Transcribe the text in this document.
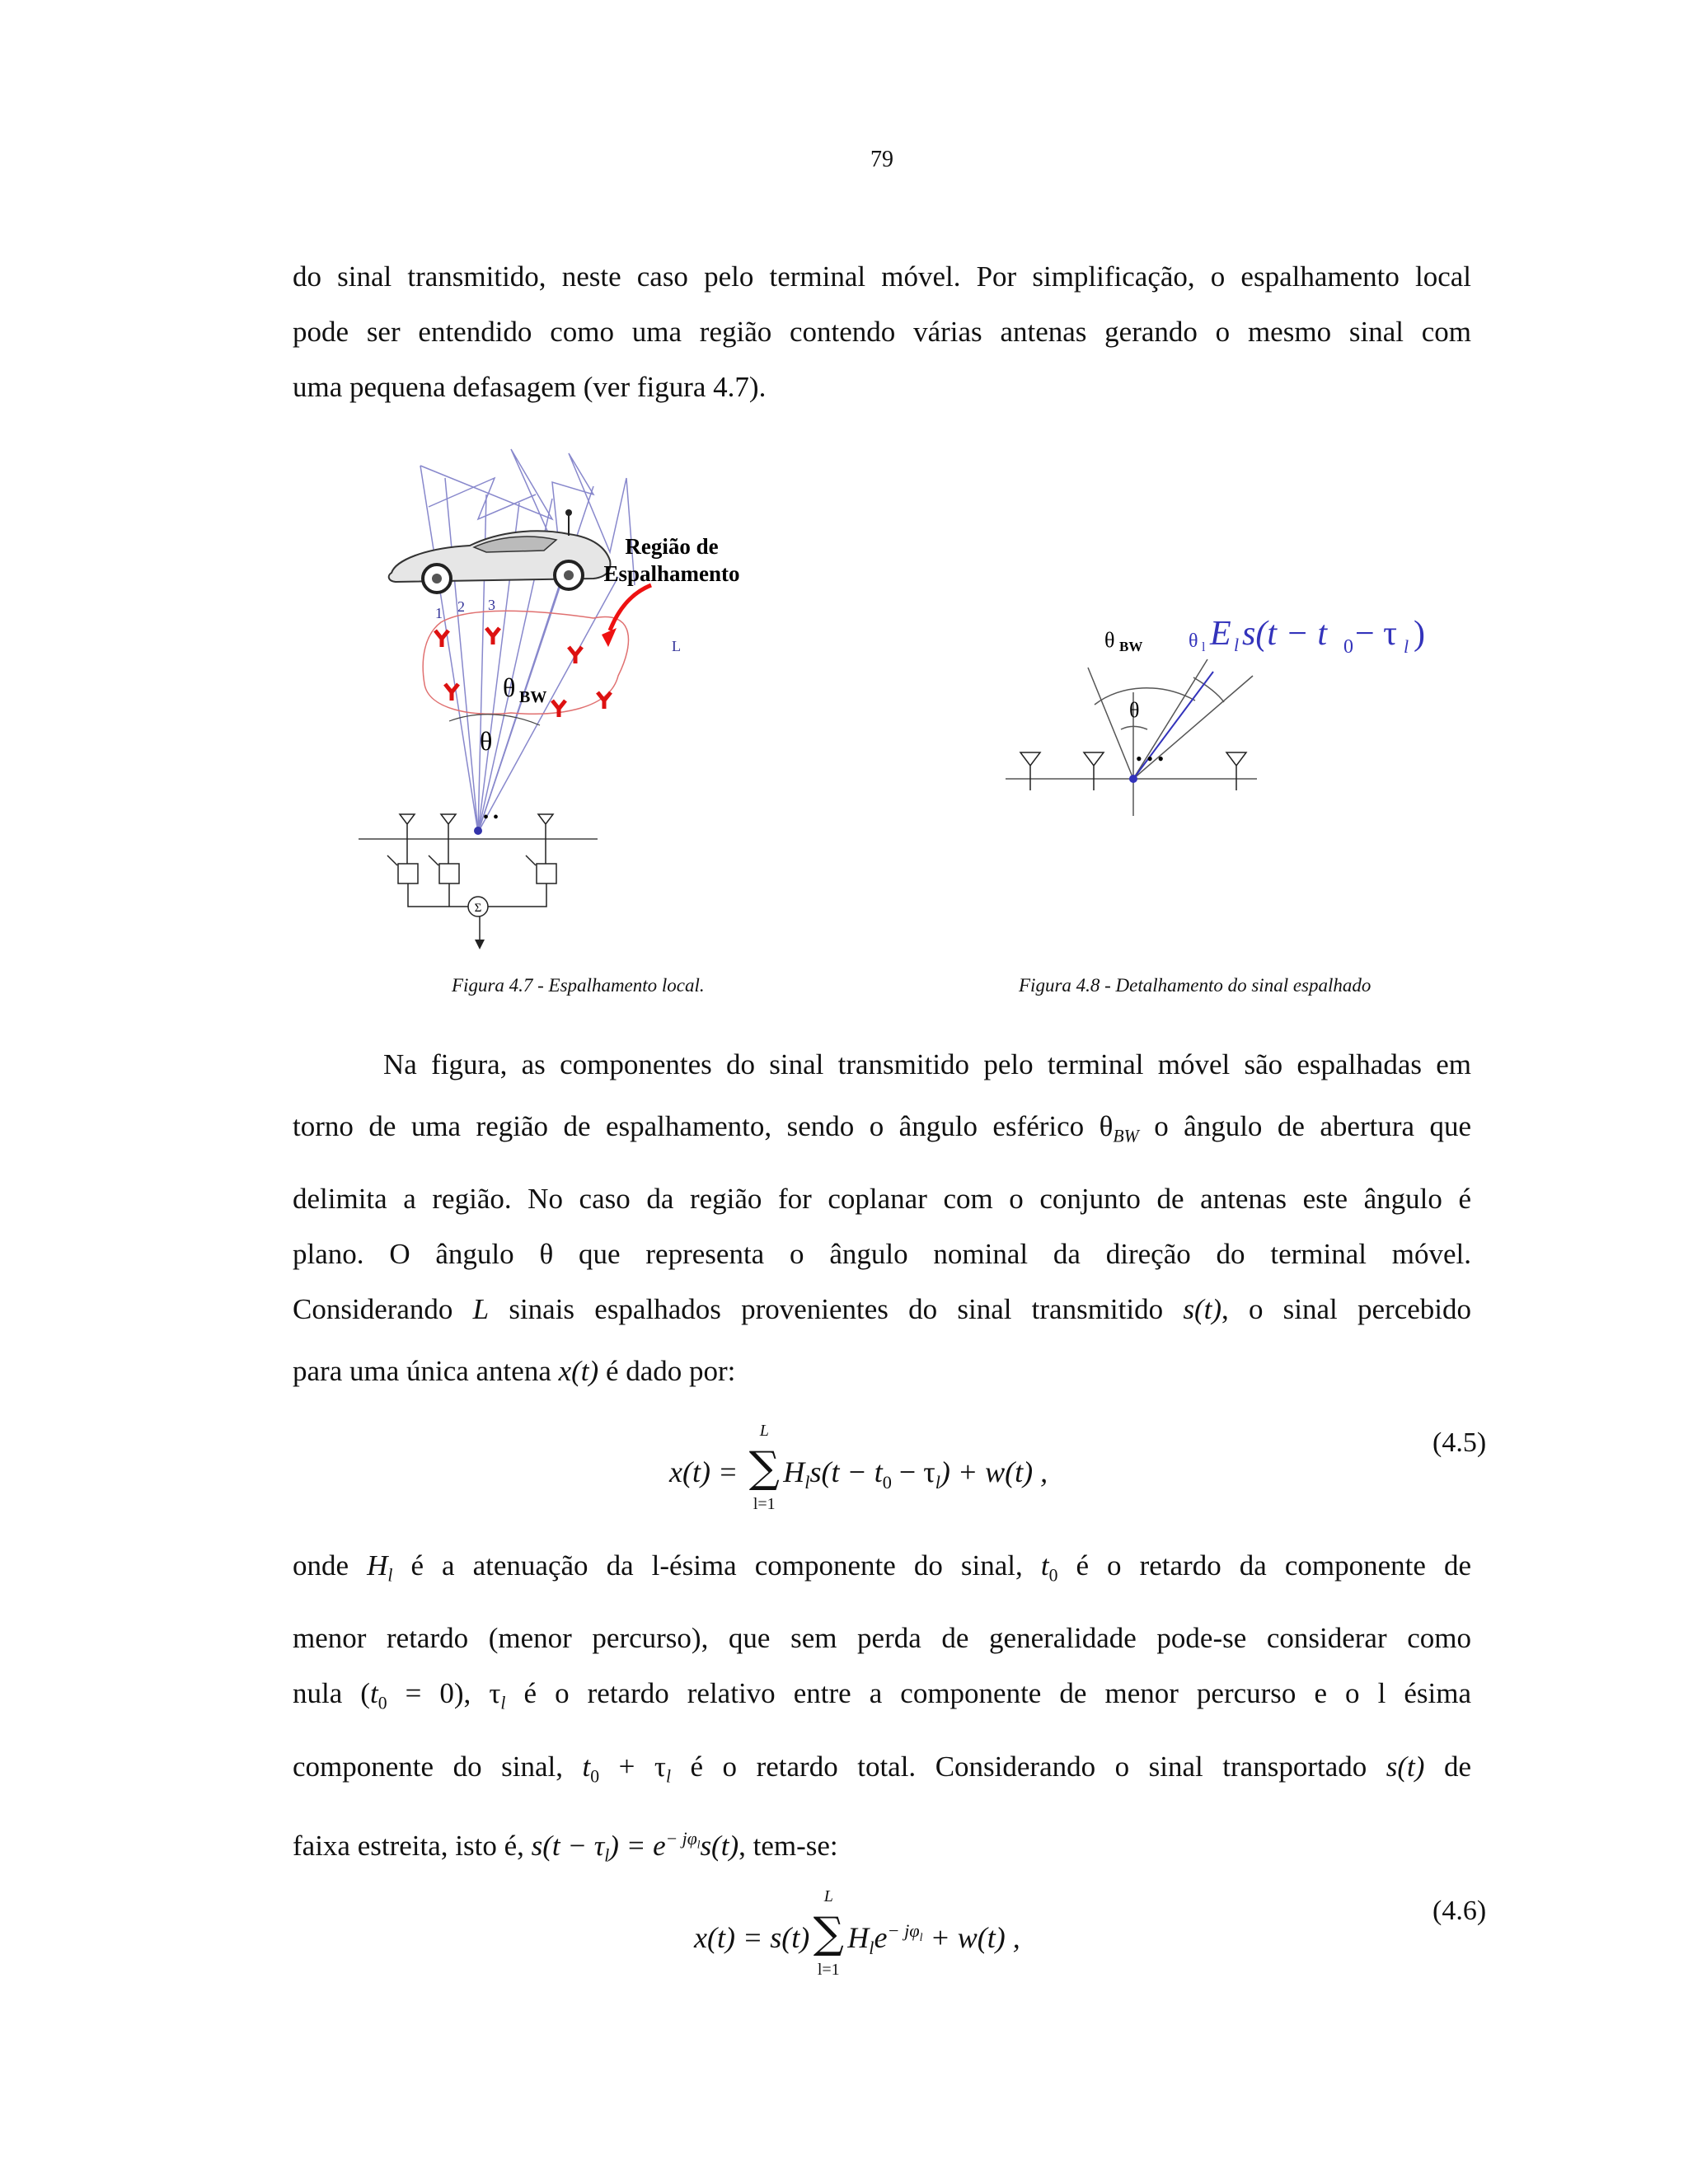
79
do sinal transmitido, neste caso pelo terminal móvel. Por simplificação, o espalhamento local
pode ser entendido como uma região contendo várias antenas gerando o mesmo sinal com
uma pequena defasagem (ver figura 4.7).
1 2 3
L
Região de
Espalhamento
θ BW
θ
• •
Σ
Figura 4.7 - Espalhamento local.
θ BW θ l E l s(t − t 0 − τ l )
θ
• • •
Figura 4.8 - Detalhamento do sinal espalhado
Na figura, as componentes do sinal transmitido pelo terminal móvel são espalhadas em
torno de uma região de espalhamento, sendo o ângulo esférico $\theta_{BW}$ o ângulo de abertura que
delimita a região. No caso da região for coplanar com o conjunto de antenas este ângulo é
plano. O ângulo θ que representa o ângulo nominal da direção do terminal móvel.
Considerando L sinais espalhados provenientes do sinal transmitido s(t), o sinal percebido
para uma única antena x(t) é dado por:
x(t) =
L
∑
l=1
$H_ls(t - t_0 - \tau_l) + w(t)$ ,
(4.5)
onde $H_l$ é a atenuação da l-ésima componente do sinal, $t_0$ é o retardo da componente de
menor retardo (menor percurso), que sem perda de generalidade pode-se considerar como
nula $(t_0 = 0)$, $\tau_l$ é o retardo relativo entre a componente de menor percurso e o l ésima
componente do sinal, $t_0 + \tau_l$ é o retardo total. Considerando o sinal transportado s(t) de
faixa estreita, isto é, $s(t - \tau_l) = e^{- j\varphi_l}s(t)$, tem-se:
x(t) = s(t)
L
∑
l=1
$H_le^{- j\varphi_l} + w(t)$ ,
(4.6)
